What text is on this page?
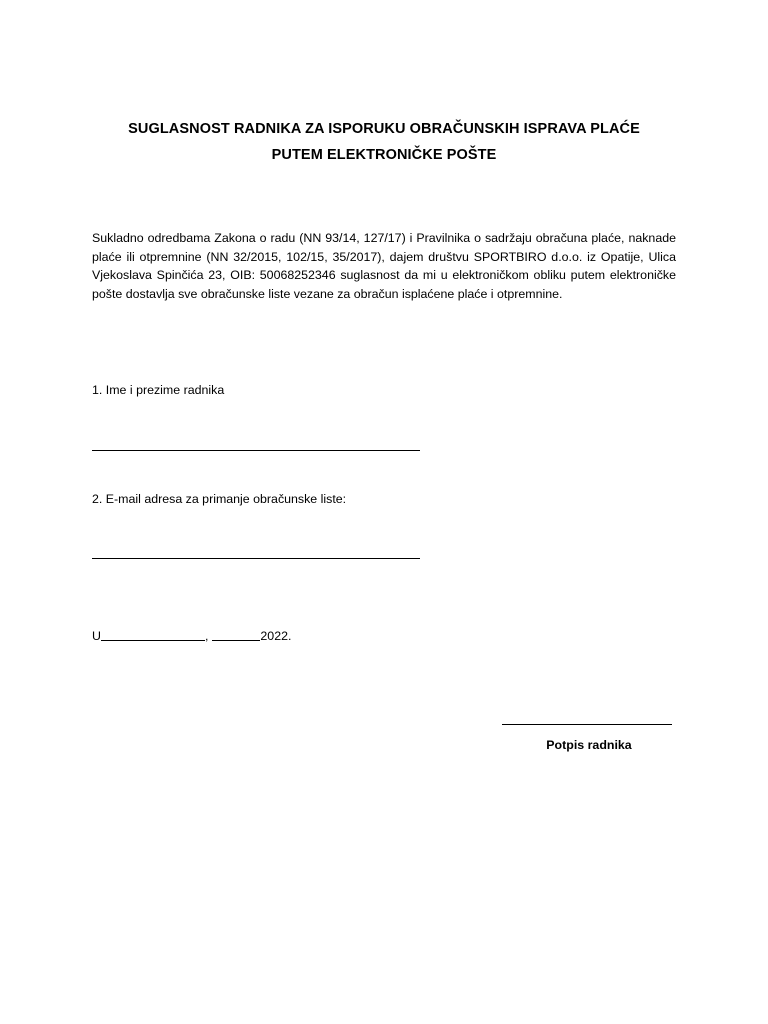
SUGLASNOST RADNIKA ZA ISPORUKU OBRAČUNSKIH ISPRAVA PLAĆE
PUTEM ELEKTRONIČKE POŠTE
Sukladno odredbama Zakona o radu (NN 93/14, 127/17) i Pravilnika o sadržaju obračuna plaće, naknade plaće ili otpremnine (NN 32/2015, 102/15, 35/2017), dajem društvu SPORTBIRO d.o.o. iz Opatije, Ulica Vjekoslava Spinčića 23, OIB: 50068252346 suglasnost da mi u elektroničkom obliku putem elektroničke pošte dostavlja sve obračunske liste vezane za obračun isplaćene plaće i otpremnine.
1. Ime i prezime radnika
2. E-mail adresa za primanje obračunske liste:
U	,	2022.
Potpis radnika
